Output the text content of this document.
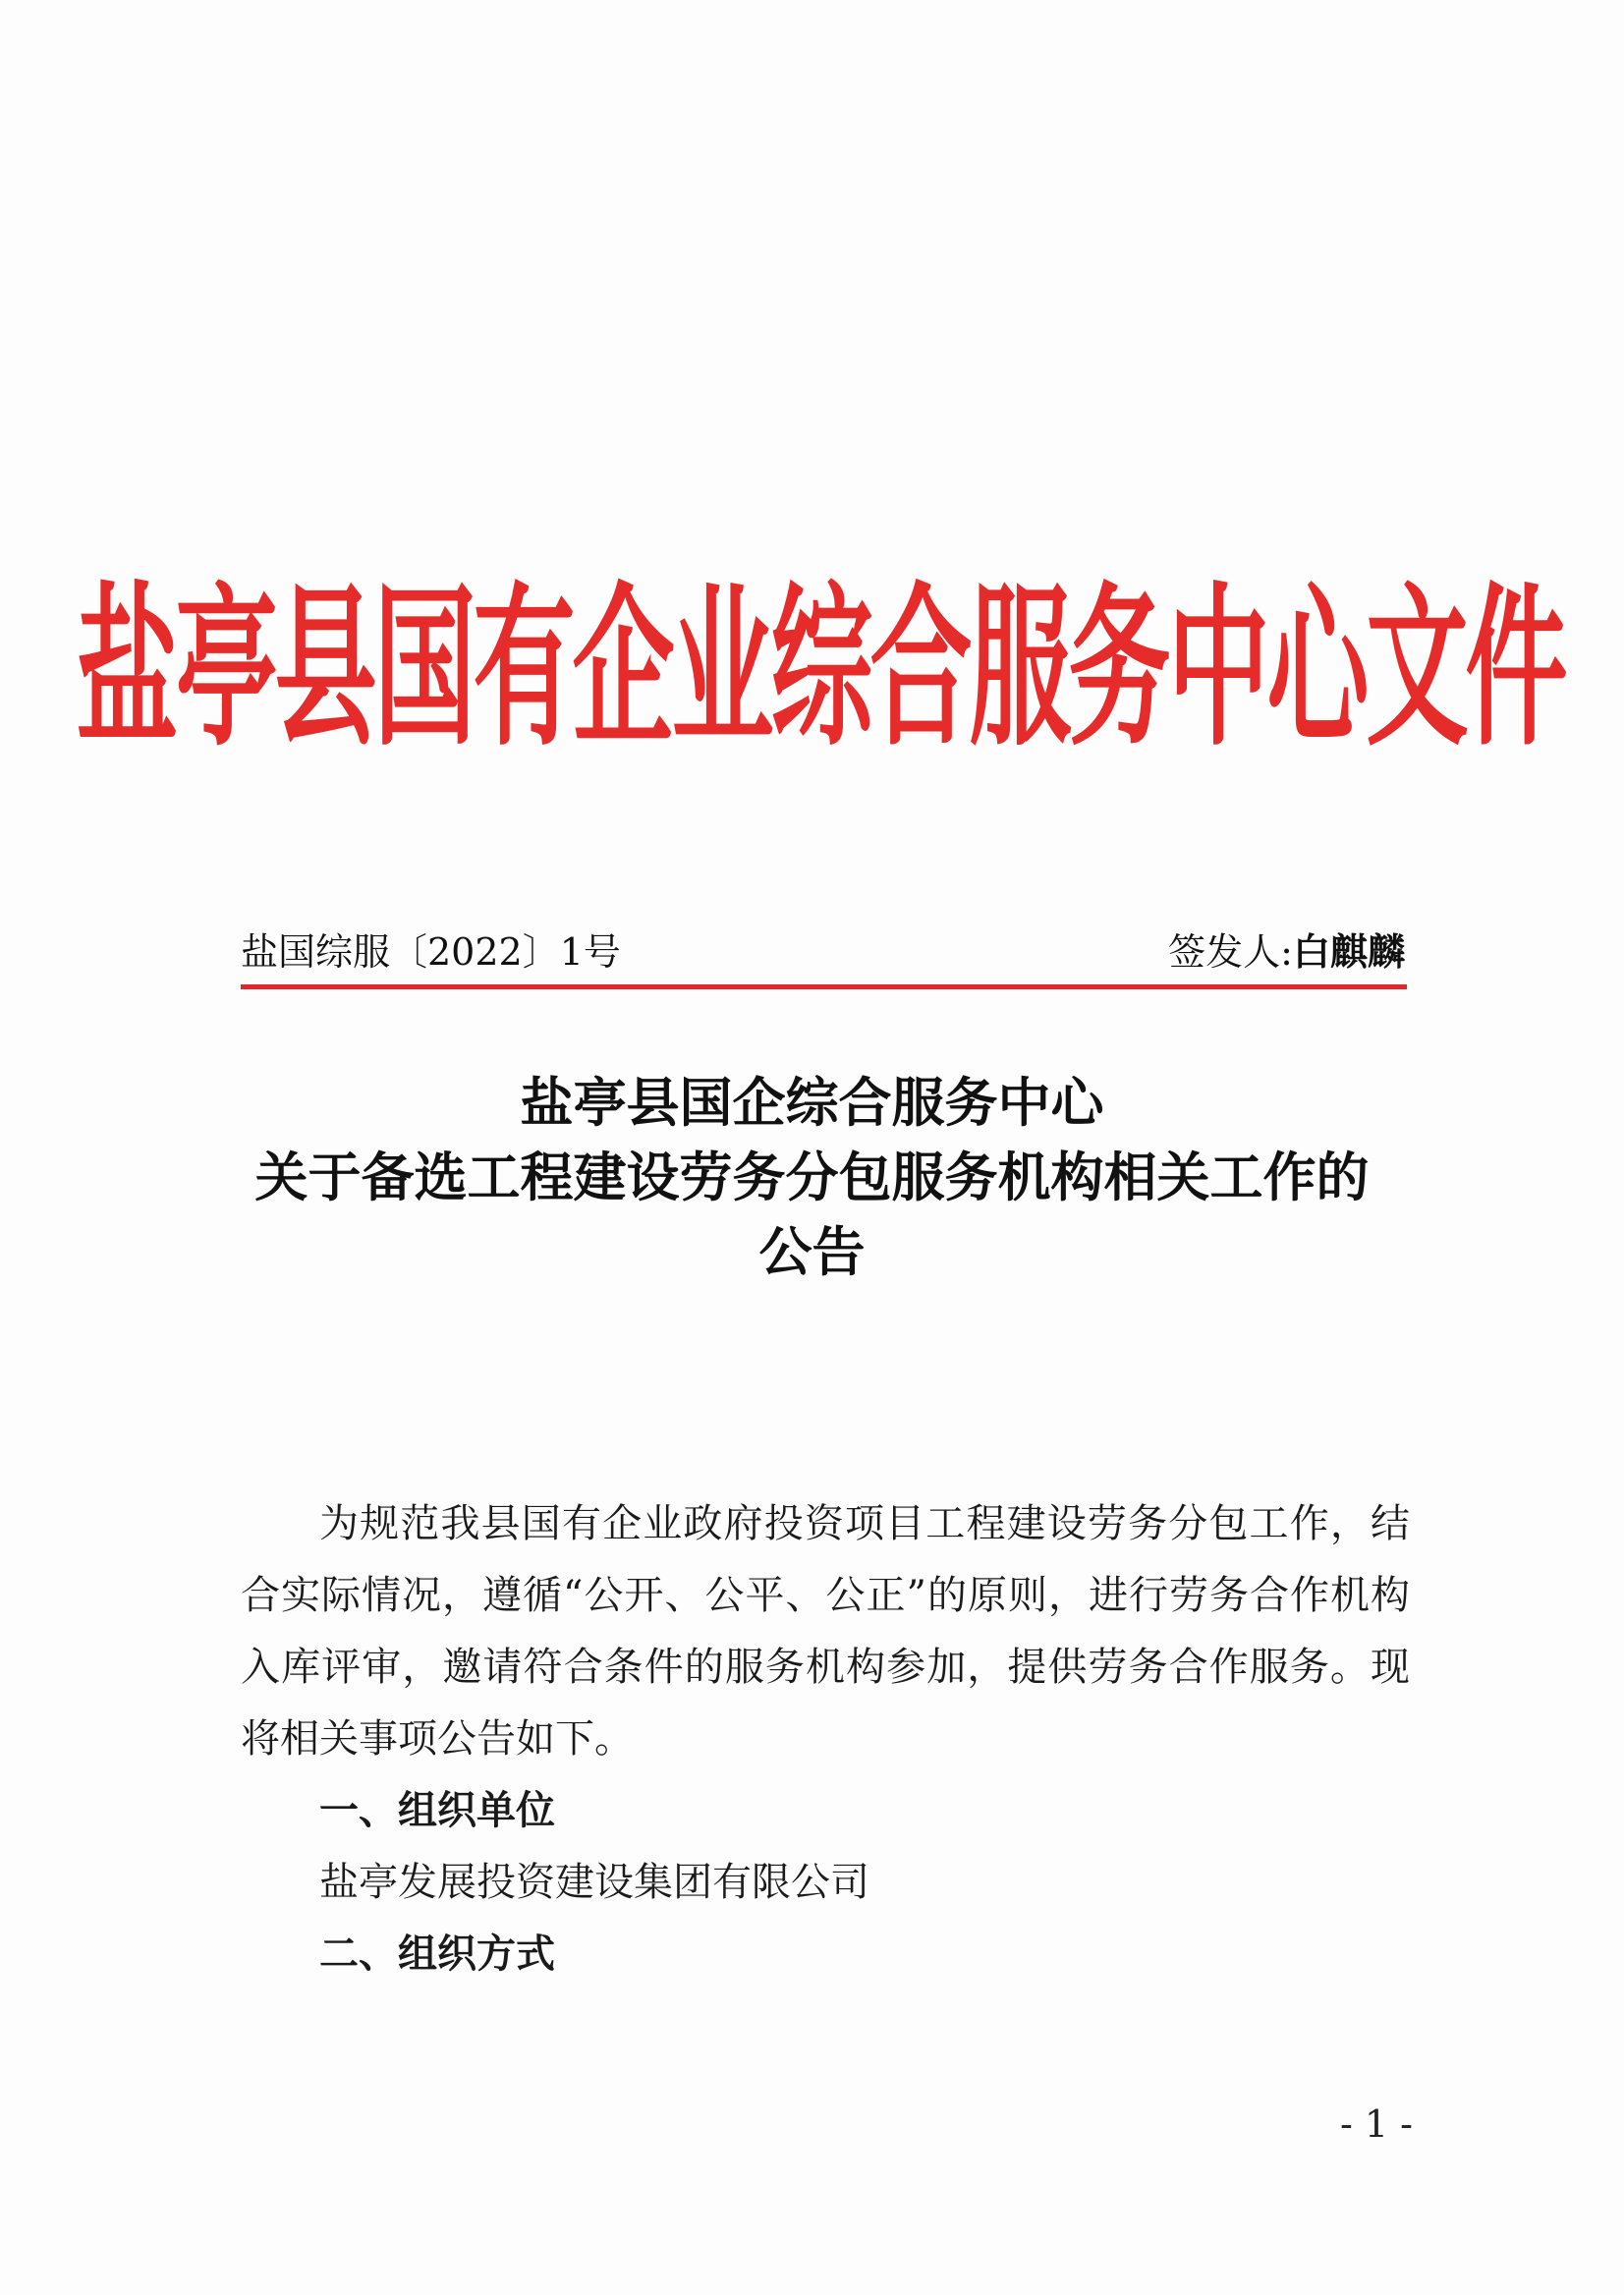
盐亭县国有企业综合服务中心文件
盐国综服〔2022〕1号	签发人: 白麒麟
盐亭县国企综合服务中心
关于备选工程建设劳务分包服务机构相关工作的
公告

为规范我县国有企业政府投资项目工程建设劳务分包工作，结合实际情况，遵循“公开、公平、公正”的原则，进行劳务合作机构入库评审，邀请符合条件的服务机构参加，提供劳务合作服务。现将相关事项公告如下。

一、组织单位

盐亭发展投资建设集团有限公司

二、组织方式

- 1 -
